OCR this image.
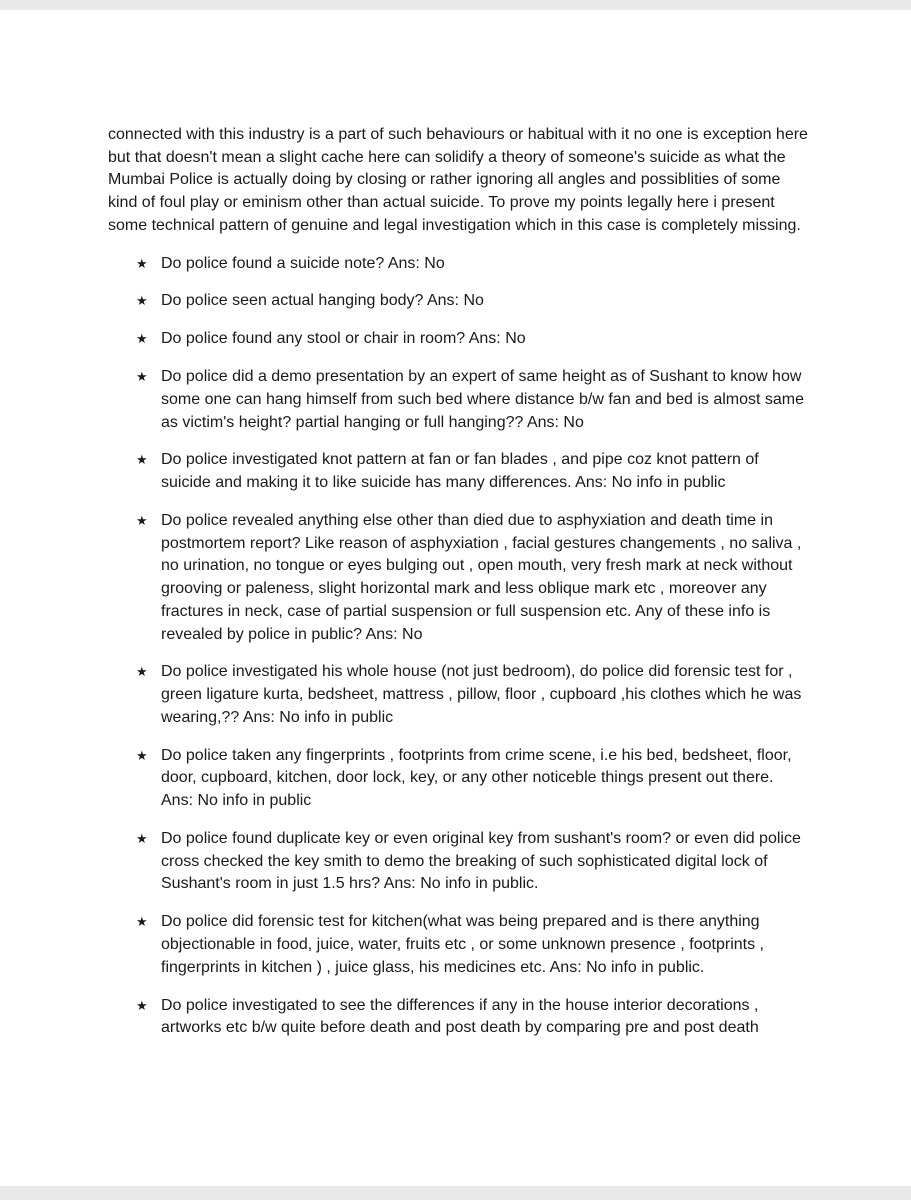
connected with this industry is a part of such behaviours or habitual with it no one is exception here but that doesn't mean a slight cache here can solidify a theory of someone's suicide as what the Mumbai Police is actually doing by closing or rather ignoring all angles and possiblities of some kind of foul play or eminism other than actual suicide. To prove my points legally here i present some technical pattern of genuine and legal investigation which in this case is completely missing.

★ Do police found a suicide note? Ans: No
★ Do police seen actual hanging body? Ans: No
★ Do police found any stool or chair in room? Ans: No
★ Do police did a demo presentation by an expert of same height as of Sushant to know how some one can hang himself from such bed where distance b/w fan and bed is almost same as victim's height? partial hanging or full hanging?? Ans: No
★ Do police investigated knot pattern at fan or fan blades , and pipe coz knot pattern of suicide and making it to like suicide has many differences. Ans: No info in public
★ Do police revealed anything else other than died due to asphyxiation and death time in postmortem report? Like reason of asphyxiation , facial gestures changements , no saliva , no urination, no tongue or eyes bulging out , open mouth, very fresh mark at neck without grooving or paleness, slight horizontal mark and less oblique mark etc , moreover any fractures in neck, case of partial suspension or full suspension etc. Any of these info is revealed by police in public? Ans: No
★ Do police investigated his whole house (not just bedroom), do police did forensic test for , green ligature kurta, bedsheet, mattress , pillow, floor , cupboard ,his clothes which he was wearing,?? Ans: No info in public
★ Do police taken any fingerprints , footprints from crime scene, i.e his bed, bedsheet, floor, door, cupboard, kitchen, door lock, key, or any other noticeble things present out there. Ans: No info in public
★ Do police found duplicate key or even original key from sushant's room? or even did police cross checked the key smith to demo the breaking of such sophisticated digital lock of Sushant's room in just 1.5 hrs? Ans: No info in public.
★ Do police did forensic test for kitchen(what was being prepared and is there anything objectionable in food, juice, water, fruits etc , or some unknown presence , footprints , fingerprints in kitchen ) , juice glass, his medicines etc. Ans: No info in public.
★ Do police investigated to see the differences if any in the house interior decorations , artworks etc b/w quite before death and post death by comparing pre and post death
